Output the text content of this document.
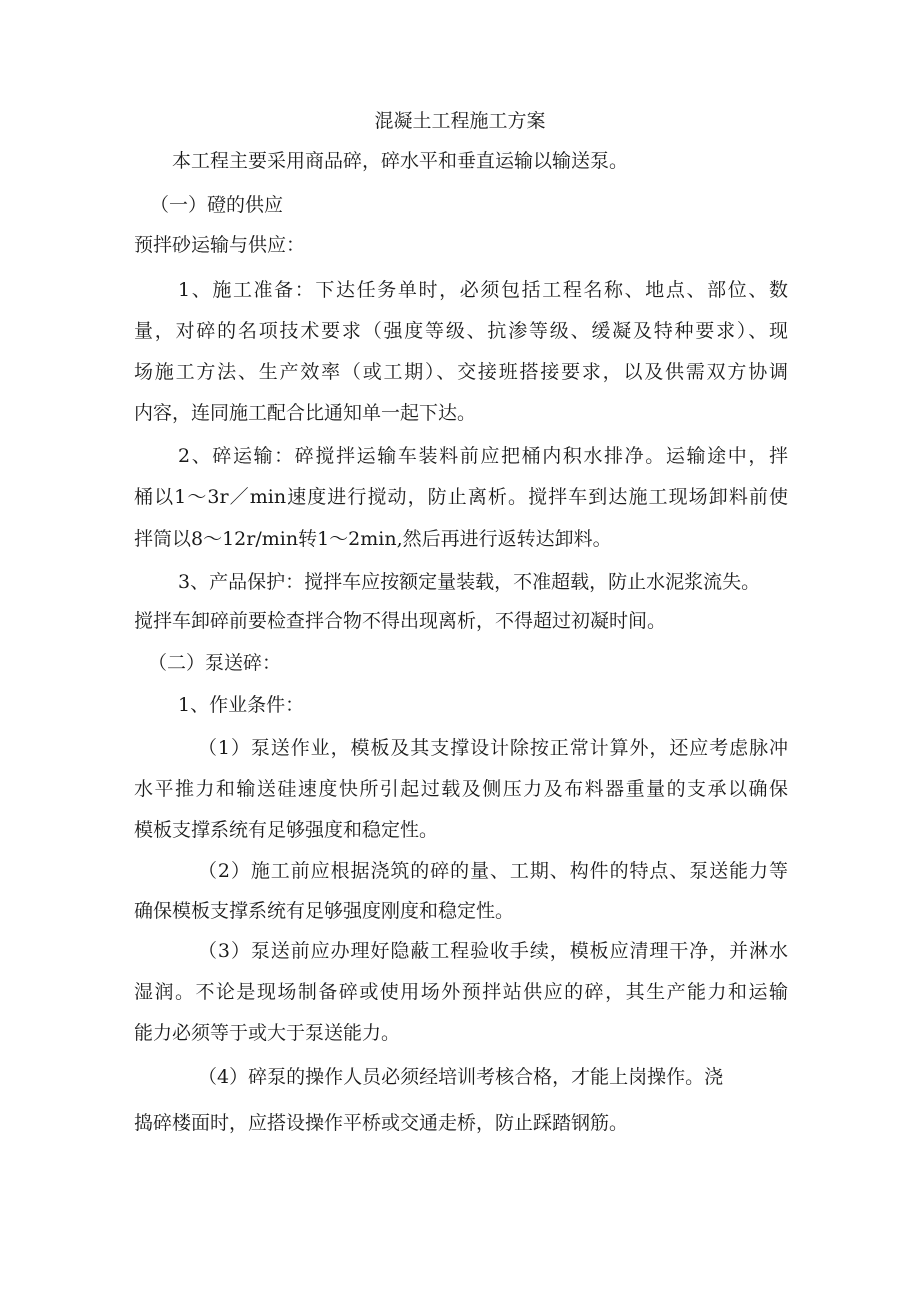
混凝土工程施工方案
本工程主要采用商品碎，碎水平和垂直运输以输送泵。
（一）磴的供应
预拌砂运输与供应：
1、施工准备：下达任务单时，必须包括工程名称、地点、部位、数
量，对碎的名项技术要求（强度等级、抗渗等级、缓凝及特种要求）、现
场施工方法、生产效率（或工期）、交接班搭接要求，以及供需双方协调
内容，连同施工配合比通知单一起下达。
2、碎运输：碎搅拌运输车装料前应把桶内积水排净。运输途中，拌
桶以1～3r／min速度进行搅动，防止离析。搅拌车到达施工现场卸料前使
拌筒以8～12r/min转1～2min,然后再进行返转达卸料。
3、产品保护：搅拌车应按额定量装载，不准超载，防止水泥浆流失。
搅拌车卸碎前要检查拌合物不得出现离析，不得超过初凝时间。
（二）泵送碎：
1、作业条件：
（1）泵送作业，模板及其支撑设计除按正常计算外，还应考虑脉冲
水平推力和输送硅速度快所引起过载及侧压力及布料器重量的支承以确保
模板支撑系统有足够强度和稳定性。
（2）施工前应根据浇筑的碎的量、工期、构件的特点、泵送能力等
确保模板支撑系统有足够强度刚度和稳定性。
（3）泵送前应办理好隐蔽工程验收手续，模板应清理干净，并淋水
湿润。不论是现场制备碎或使用场外预拌站供应的碎，其生产能力和运输
能力必须等于或大于泵送能力。
（4）碎泵的操作人员必须经培训考核合格，才能上岗操作。浇
捣碎楼面时，应搭设操作平桥或交通走桥，防止踩踏钢筋。
